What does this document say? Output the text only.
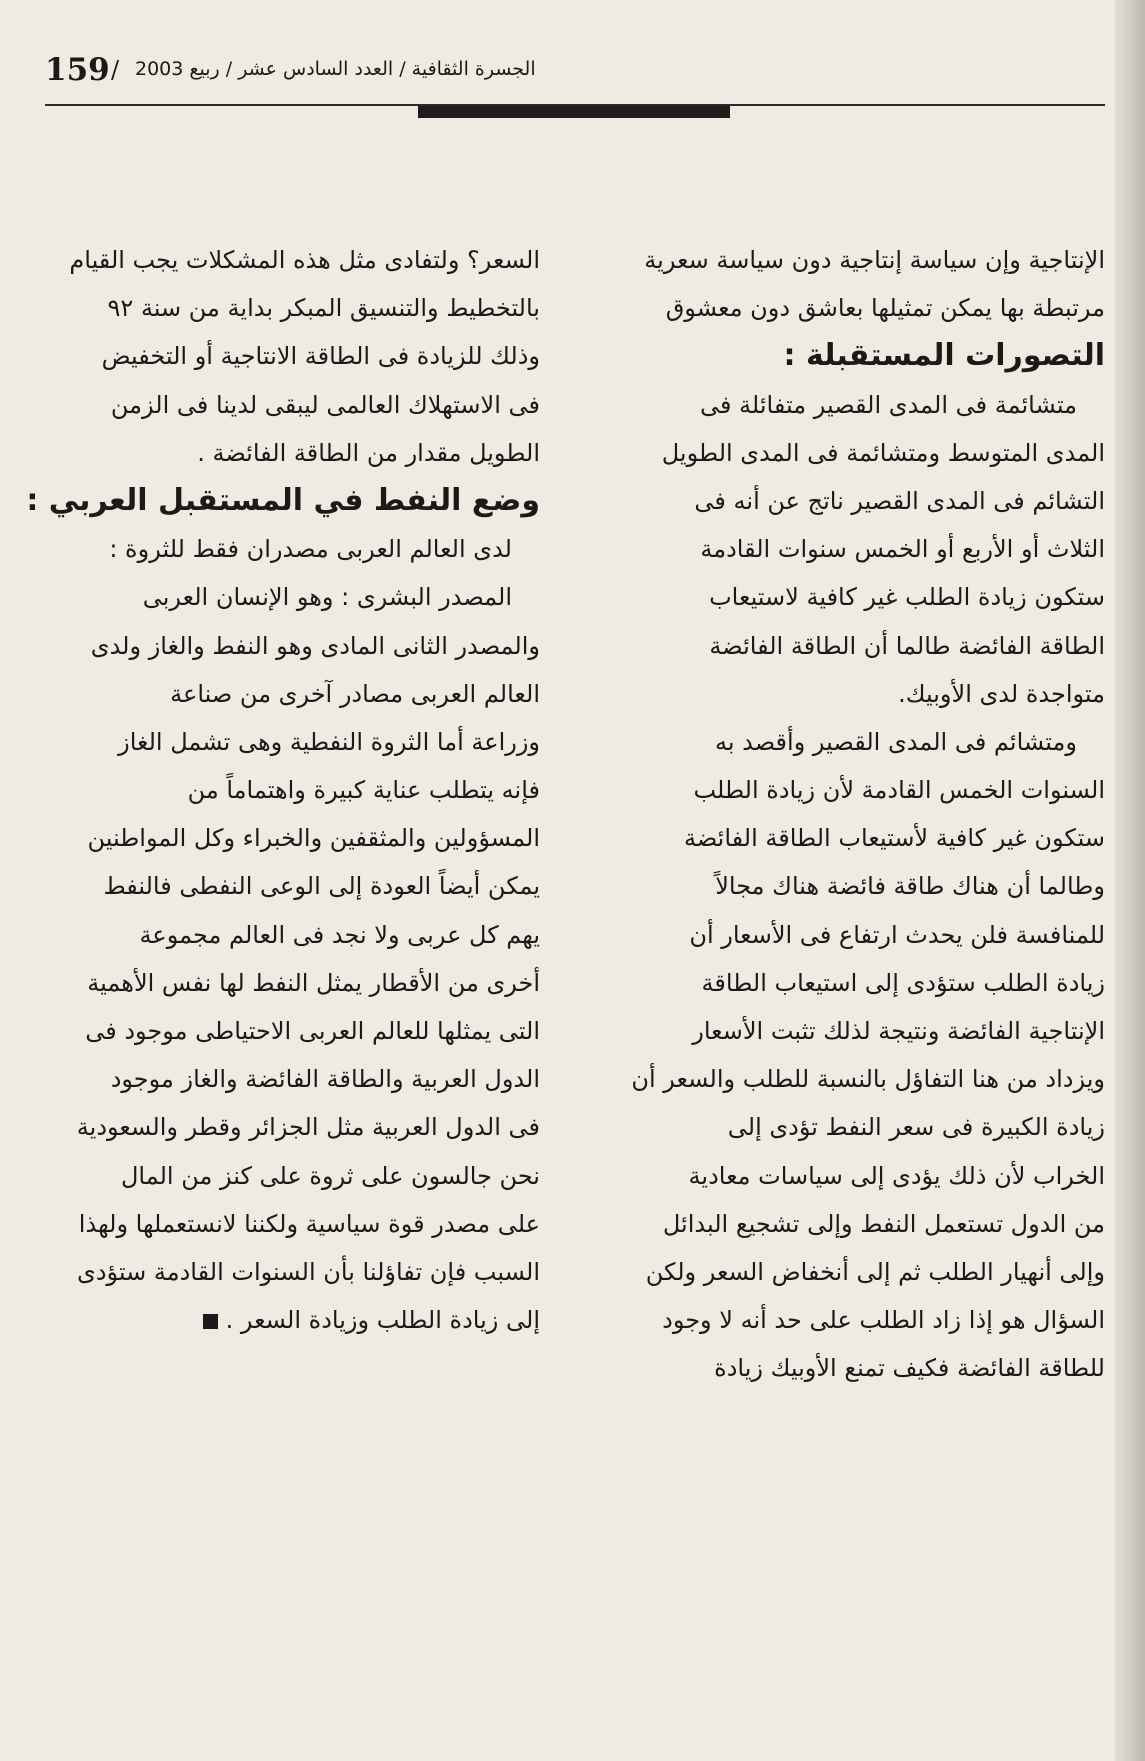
159 / الجسرة الثقافية / العدد السادس عشر / ربيع 2003
الإنتاجية وإن سياسة إنتاجية دون سياسة سعرية
مرتبطة بها يمكن تمثيلها بعاشق دون معشوق
التصورات المستقبلة :
متشائمة فى المدى القصير متفائلة فى
المدى المتوسط ومتشائمة فى المدى الطويل
التشائم فى المدى القصير ناتج عن أنه فى
الثلاث أو الأربع أو الخمس سنوات القادمة
ستكون زيادة الطلب غير كافية لاستيعاب
الطاقة الفائضة طالما أن الطاقة الفائضة
متواجدة لدى الأوبيك.
ومتشائم فى المدى القصير وأقصد به
السنوات الخمس القادمة لأن زيادة الطلب
ستكون غير كافية لأستيعاب الطاقة الفائضة
وطالما أن هناك طاقة فائضة هناك مجالاً
للمنافسة فلن يحدث ارتفاع فى الأسعار أن
زيادة الطلب ستؤدى إلى استيعاب الطاقة
الإنتاجية الفائضة ونتيجة لذلك تثبت الأسعار
ويزداد من هنا التفاؤل بالنسبة للطلب والسعر أن
زيادة الكبيرة فى سعر النفط تؤدى إلى
الخراب لأن ذلك يؤدى إلى سياسات معادية
من الدول تستعمل النفط وإلى تشجيع البدائل
وإلى أنهيار الطلب ثم إلى أنخفاض السعر ولكن
السؤال هو إذا زاد الطلب على حد أنه لا وجود
للطاقة الفائضة فكيف تمنع الأوبيك زيادة
السعر؟ ولتفادى مثل هذه المشكلات يجب القيام
بالتخطيط والتنسيق المبكر بداية من سنة ٩٢
وذلك للزيادة فى الطاقة الانتاجية أو التخفيض
فى الاستهلاك العالمى ليبقى لدينا فى الزمن
الطويل مقدار من الطاقة الفائضة .
وضع النفط في المستقبل العربي :
لدى العالم العربى مصدران فقط للثروة :
المصدر البشرى : وهو الإنسان العربى
والمصدر الثانى المادى وهو النفط والغاز ولدى
العالم العربى مصادر آخرى من صناعة
وزراعة أما الثروة النفطية وهى تشمل الغاز
فإنه يتطلب عناية كبيرة واهتماماً من
المسؤولين والمثقفين والخبراء وكل المواطنين
يمكن أيضاً العودة إلى الوعى النفطى فالنفط
يهم كل عربى ولا نجد فى العالم مجموعة
أخرى من الأقطار يمثل النفط لها نفس الأهمية
التى يمثلها للعالم العربى الاحتياطى موجود فى
الدول العربية والطاقة الفائضة والغاز موجود
فى الدول العربية مثل الجزائر وقطر والسعودية
نحن جالسون على ثروة على كنز من المال
على مصدر قوة سياسية ولكننا لانستعملها ولهذا
السبب فإن تفاؤلنا بأن السنوات القادمة ستؤدى
إلى زيادة الطلب وزيادة السعر .
